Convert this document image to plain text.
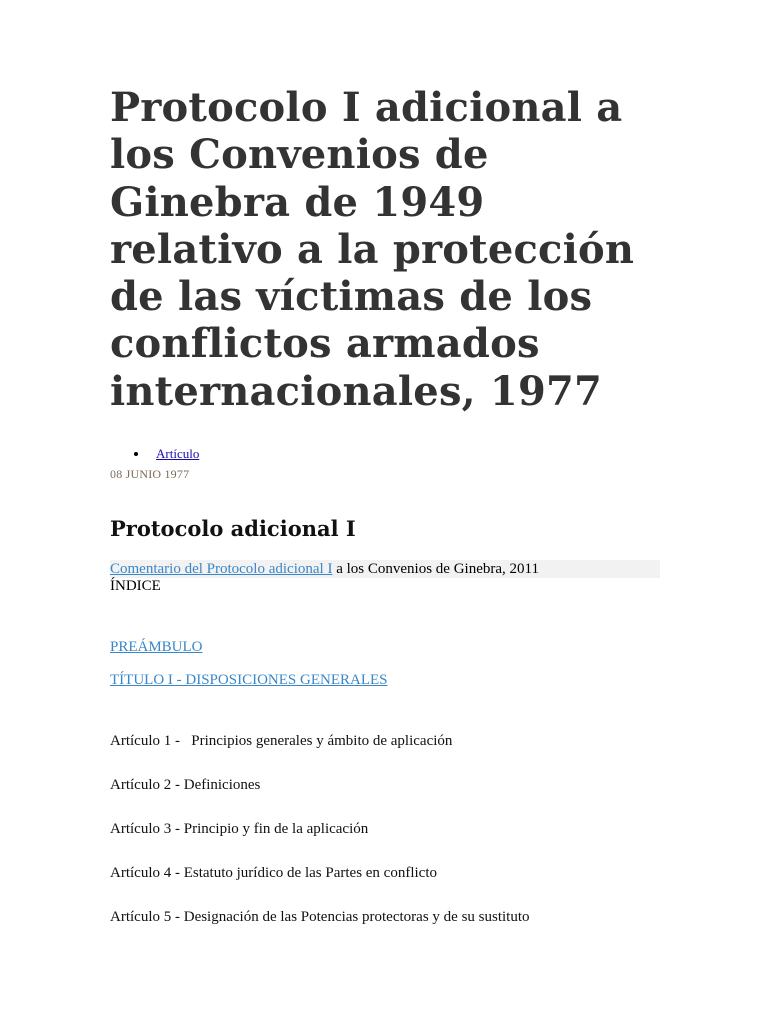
Protocolo I adicional a los Convenios de Ginebra de 1949 relativo a la protección de las víctimas de los conflictos armados internacionales, 1977
Artículo
08 JUNIO 1977
Protocolo adicional I
Comentario del Protocolo adicional I a los Convenios de Ginebra, 2011
ÍNDICE
PREÁMBULO
TÍTULO I - DISPOSICIONES GENERALES
Artículo 1 -   Principios generales y ámbito de aplicación
Artículo 2 - Definiciones
Artículo 3 - Principio y fin de la aplicación
Artículo 4 - Estatuto jurídico de las Partes en conflicto
Artículo 5 - Designación de las Potencias protectoras y de su sustituto
